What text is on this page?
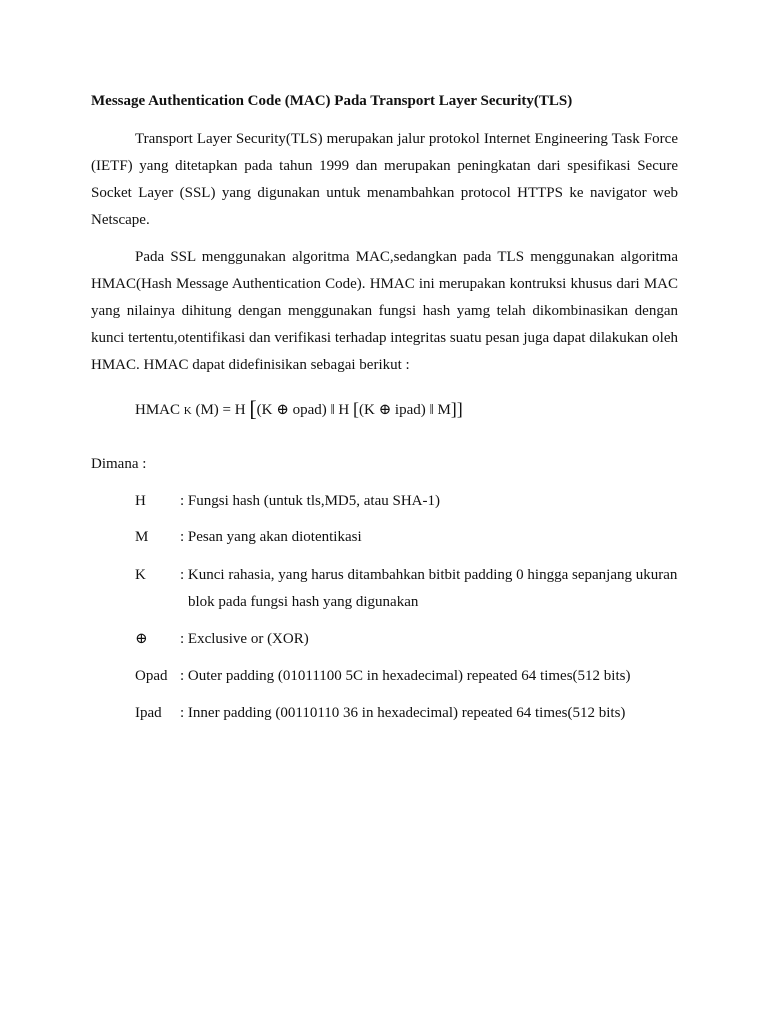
Message Authentication Code (MAC) Pada Transport Layer Security(TLS)

Transport Layer Security(TLS) merupakan jalur protokol Internet Engineering Task Force (IETF) yang ditetapkan pada tahun 1999 dan merupakan peningkatan dari spesifikasi Secure Socket Layer (SSL) yang digunakan untuk menambahkan protocol HTTPS ke navigator web Netscape.

Pada SSL menggunakan algoritma MAC,sedangkan pada TLS menggunakan algoritma HMAC(Hash Message Authentication Code). HMAC ini merupakan kontruksi khusus dari MAC yang nilainya dihitung dengan menggunakan fungsi hash yamg telah dikombinasikan dengan kunci tertentu,otentifikasi dan verifikasi terhadap integritas suatu pesan juga dapat dilakukan oleh HMAC. HMAC dapat didefinisikan sebagai berikut :

HMAC K (M) = H [(K ⊕ opad) ‖ H [(K ⊕ ipad) ‖ M]]
Dimana :
H : Fungsi hash (untuk tls,MD5, atau SHA-1)
M : Pesan yang akan diotentikasi
K : Kunci rahasia, yang harus ditambahkan bitbit padding 0 hingga sepanjang ukuran
blok pada fungsi hash yang digunakan
⊕ : Exclusive or (XOR)
Opad : Outer padding (01011100 5C in hexadecimal) repeated 64 times(512 bits)
Ipad : Inner padding (00110110 36 in hexadecimal) repeated 64 times(512 bits)
